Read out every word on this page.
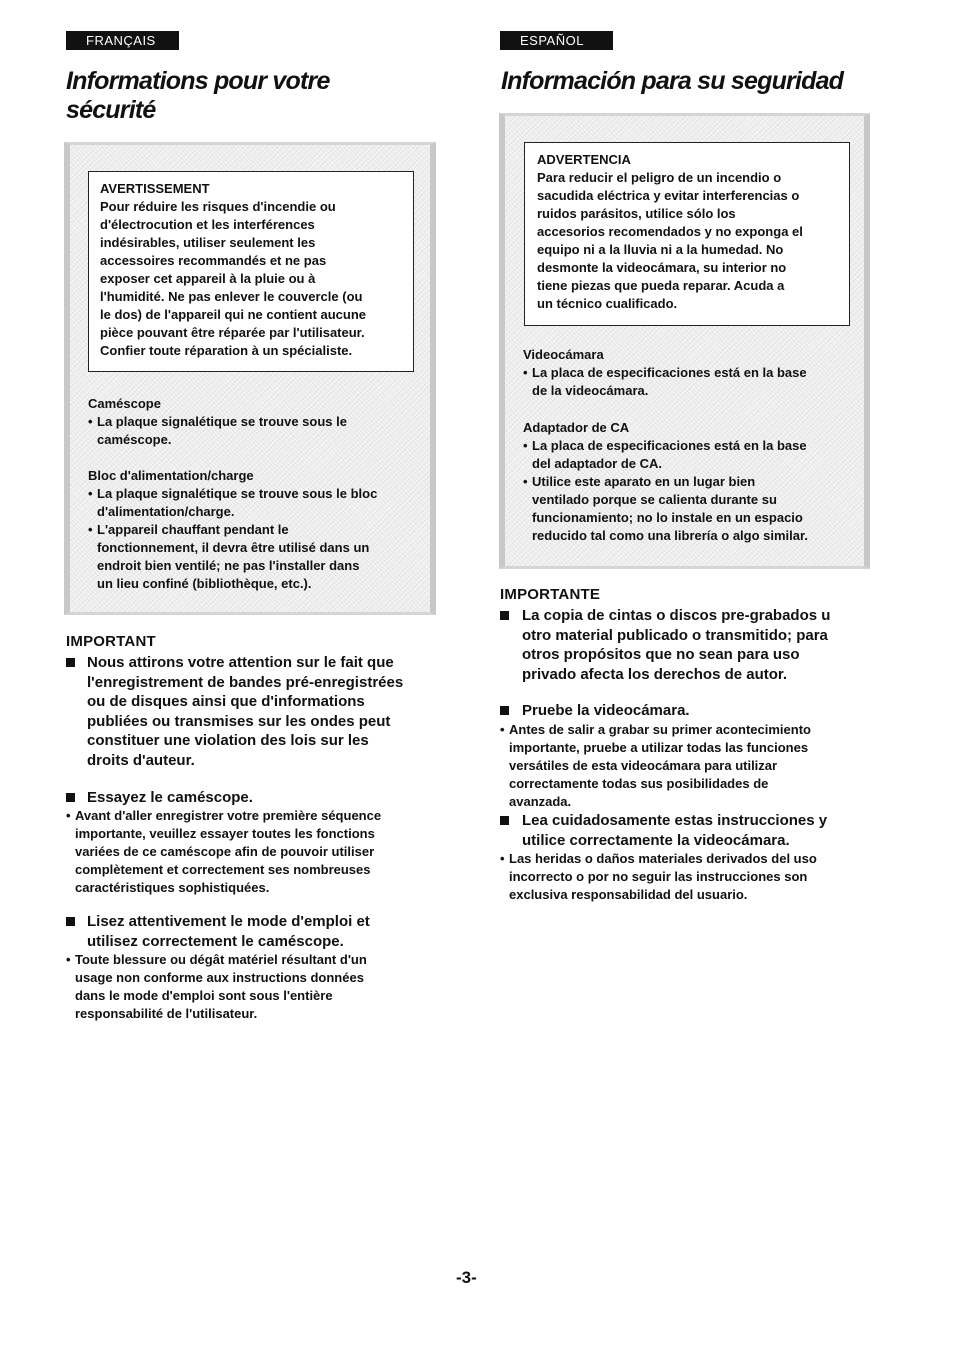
FRANÇAIS
Informations pour votre
sécurité
AVERTISSEMENT
Pour réduire les risques d'incendie ou
d'électrocution et les interférences
indésirables, utiliser seulement les
accessoires recommandés et ne pas
exposer cet appareil à la pluie ou à
l'humidité. Ne pas enlever le couvercle (ou
le dos) de l'appareil qui ne contient aucune
pièce pouvant être réparée par l'utilisateur.
Confier toute réparation à un spécialiste.
Caméscope
• La plaque signalétique se trouve sous le
caméscope.
Bloc d'alimentation/charge
• La plaque signalétique se trouve sous le bloc
d'alimentation/charge.
• L'appareil chauffant pendant le
fonctionnement, il devra être utilisé dans un
endroit bien ventilé; ne pas l'installer dans
un lieu confiné (bibliothèque, etc.).
IMPORTANT
Nous attirons votre attention sur le fait que
l'enregistrement de bandes pré-enregistrées
ou de disques ainsi que d'informations
publiées ou transmises sur les ondes peut
constituer une violation des lois sur les
droits d'auteur.
Essayez le caméscope.
• Avant d'aller enregistrer votre première séquence
importante, veuillez essayer toutes les fonctions
variées de ce caméscope afin de pouvoir utiliser
complètement et correctement ses nombreuses
caractéristiques sophistiquées.
Lisez attentivement le mode d'emploi et
utilisez correctement le caméscope.
• Toute blessure ou dégât matériel résultant d'un
usage non conforme aux instructions données
dans le mode d'emploi sont sous l'entière
responsabilité de l'utilisateur.
ESPAÑOL
Información para su seguridad
ADVERTENCIA
Para reducir el peligro de un incendio o
sacudida eléctrica y evitar interferencias o
ruidos parásitos, utilice sólo los
accesorios recomendados y no exponga el
equipo ni a la lluvia ni a la humedad. No
desmonte la videocámara, su interior no
tiene piezas que pueda reparar. Acuda a
un técnico cualificado.
Videocámara
• La placa de especificaciones está en la base
de la videocámara.
Adaptador de CA
• La placa de especificaciones está en la base
del adaptador de CA.
• Utilice este aparato en un lugar bien
ventilado porque se calienta durante su
funcionamiento; no lo instale en un espacio
reducido tal como una librería o algo similar.
IMPORTANTE
La copia de cintas o discos pre-grabados u
otro material publicado o transmitido; para
otros propósitos que no sean para uso
privado afecta los derechos de autor.
Pruebe la videocámara.
• Antes de salir a grabar su primer acontecimiento
importante, pruebe a utilizar todas las funciones
versátiles de esta videocámara para utilizar
correctamente todas sus posibilidades de
avanzada.
Lea cuidadosamente estas instrucciones y
utilice correctamente la videocámara.
• Las heridas o daños materiales derivados del uso
incorrecto o por no seguir las instrucciones son
exclusiva responsabilidad del usuario.
-3-
